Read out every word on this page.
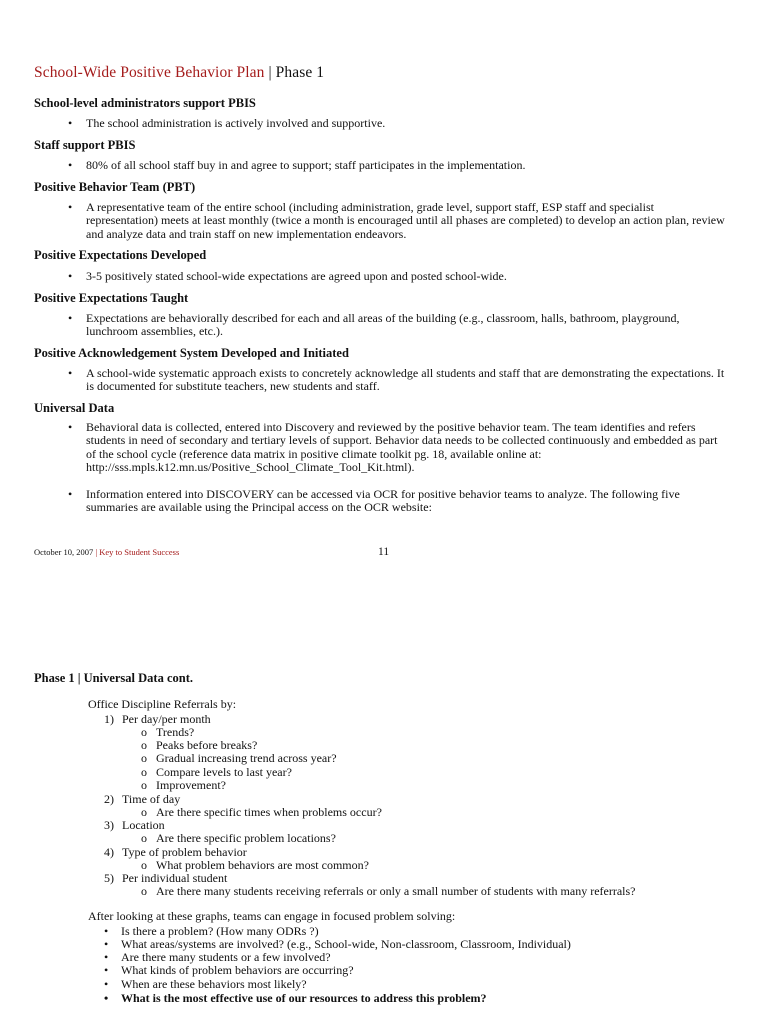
School-Wide Positive Behavior Plan | Phase 1
School-level administrators support PBIS
•	The school administration is actively involved and supportive.
Staff support PBIS
•	80% of all school staff buy in and agree to support; staff participates in the implementation.
Positive Behavior Team (PBT)
•	A representative team of the entire school (including administration, grade level, support staff, ESP staff and specialist representation) meets at least monthly (twice a month is encouraged until all phases are completed) to develop an action plan, review and analyze data and train staff on new implementation endeavors.
Positive Expectations Developed
•	3-5 positively stated school-wide expectations are agreed upon and posted school-wide.
Positive Expectations Taught
•	Expectations are behaviorally described for each and all areas of the building (e.g., classroom, halls, bathroom, playground, lunchroom assemblies, etc.).
Positive Acknowledgement System Developed and Initiated
•	A school-wide systematic approach exists to concretely acknowledge all students and staff that are demonstrating the expectations. It is documented for substitute teachers, new students and staff.
Universal Data
•	Behavioral data is collected, entered into Discovery and reviewed by the positive behavior team. The team identifies and refers students in need of secondary and tertiary levels of support. Behavior data needs to be collected continuously and embedded as part of the school cycle (reference data matrix in positive climate toolkit pg. 18, available online at: http://sss.mpls.k12.mn.us/Positive_School_Climate_Tool_Kit.html).
•	Information entered into DISCOVERY can be accessed via OCR for positive behavior teams to analyze. The following five summaries are available using the Principal access on the OCR website:
October 10, 2007 | Key to Student Success	11
Phase 1 | Universal Data cont.
Office Discipline Referrals by:
1) Per day/per month
o Trends?
o Peaks before breaks?
o Gradual increasing trend across year?
o Compare levels to last year?
o Improvement?
2) Time of day
o Are there specific times when problems occur?
3) Location
o Are there specific problem locations?
4) Type of problem behavior
o What problem behaviors are most common?
5) Per individual student
o Are there many students receiving referrals or only a small number of students with many referrals?
After looking at these graphs, teams can engage in focused problem solving:
• Is there a problem? (How many ODRs ?)
• What areas/systems are involved? (e.g., School-wide, Non-classroom, Classroom, Individual)
• Are there many students or a few involved?
• What kinds of problem behaviors are occurring?
• When are these behaviors most likely?
• What is the most effective use of our resources to address this problem?
